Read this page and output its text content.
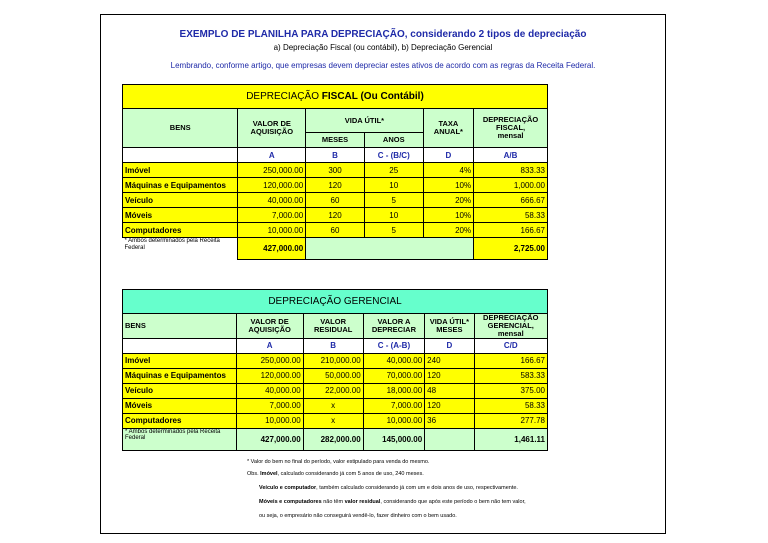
EXEMPLO DE PLANILHA PARA DEPRECIAÇÃO, considerando 2 tipos de depreciação
a) Depreciação Fiscal (ou contábil), b) Depreciação Gerencial
Lembrando, conforme artigo, que empresas devem depreciar estes ativos de acordo com as regras da Receita Federal.
DEPRECIAÇÃO FISCAL (Ou Contábil)					
BENS	VALOR DE AQUISIÇÃO	VIDA ÚTIL*		TAXA ANUAL*	DEPRECIAÇÃO FISCAL,
mensal
		MESES	ANOS		
	A	B	C - (B/C)	D	A/B
Imóvel	250,000.00	300	25	4%	833.33
Máquinas e Equipamentos	120,000.00	120	10	10%	1,000.00
Veículo	40,000.00	60	5	20%	666.67
Móveis	7,000.00	120	10	10%	58.33
Computadores	10,000.00	60	5	20%	166.67
* Ambos determinados pela Receita Federal	427,000.00				2,725.00
DEPRECIAÇÃO GERENCIAL					
BENS	VALOR DE AQUISIÇÃO	VALOR RESIDUAL	VALOR A DEPRECIAR	VIDA ÚTIL* MESES	DEPRECIAÇÃO GERENCIAL, mensal
	A	B	C - (A-B)	D	C/D
Imóvel	250,000.00	210,000.00	40,000.00	240	166.67
Máquinas e Equipamentos	120,000.00	50,000.00	70,000.00	120	583.33
Veículo	40,000.00	22,000.00	18,000.00	48	375.00
Móveis	7,000.00	x	7,000.00	120	58.33
Computadores	10,000.00	x	10,000.00	36	277.78
* Ambos determinados pela Receita Federal	427,000.00	282,000.00	145,000.00		1,461.11
* Valor do bem no final do período, valor estipulado para venda do mesmo.
Obs. Imóvel, calculado considerando já com 5 anos de uso, 240 meses.
Veículo e computador, também calculado considerando já com um e dois anos de uso, respectivamente.
Móveis e computadores não têm valor residual, considerando que após este período o bem não tem valor,
ou seja, o empresário não conseguirá vendê-lo, fazer dinheiro com o bem usado.
